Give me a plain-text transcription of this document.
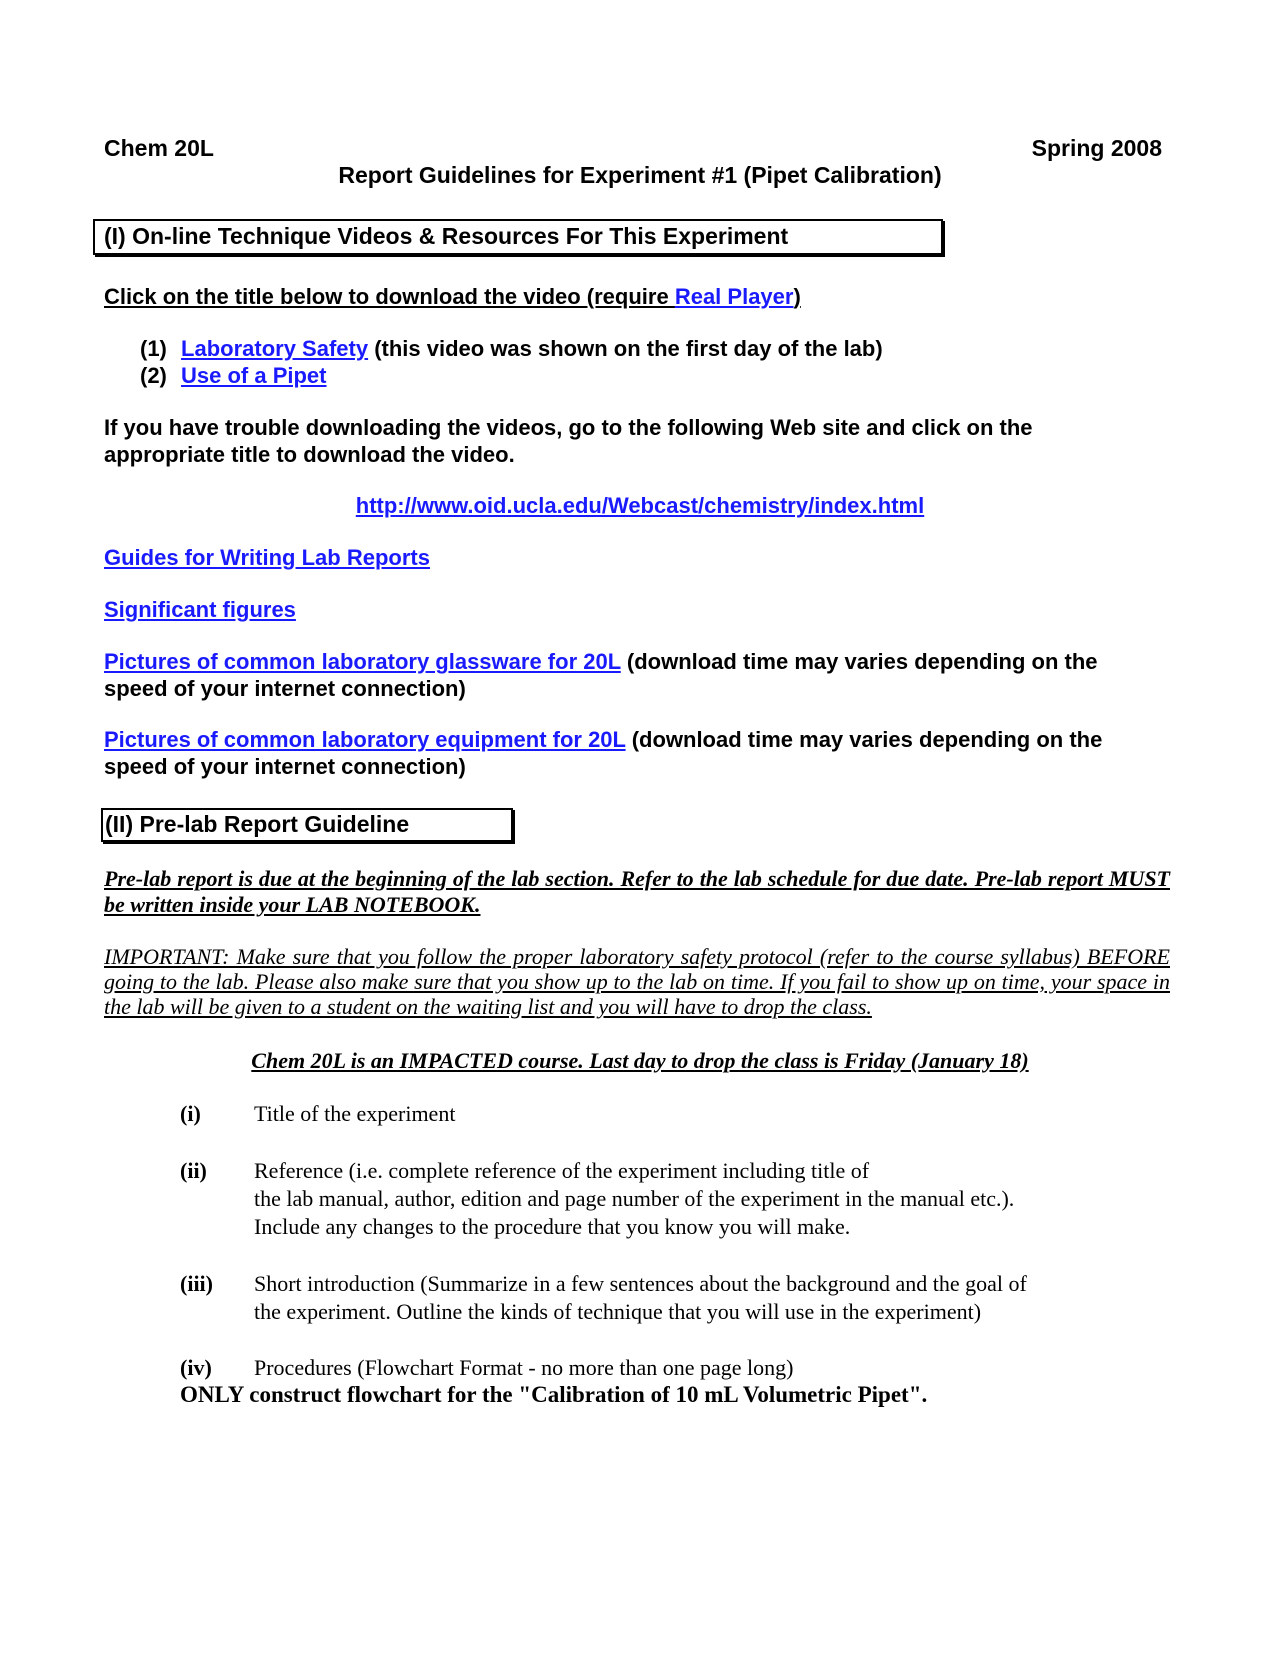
Chem 20L	Spring 2008
Report Guidelines for Experiment #1 (Pipet Calibration)
(I) On-line Technique Videos & Resources For This Experiment
Click on the title below to download the video (require Real Player)
(1) Laboratory Safety (this video was shown on the first day of the lab)
(2) Use of a Pipet
If you have trouble downloading the videos, go to the following Web site and click on the appropriate title to download the video.
http://www.oid.ucla.edu/Webcast/chemistry/index.html
Guides for Writing Lab Reports
Significant figures
Pictures of common laboratory glassware for 20L (download time may varies depending on the speed of your internet connection)
Pictures of common laboratory equipment for 20L (download time may varies depending on the speed of your internet connection)
(II) Pre-lab Report Guideline
Pre-lab report is due at the beginning of the lab section. Refer to the lab schedule for due date. Pre-lab report MUST be written inside your LAB NOTEBOOK.
IMPORTANT: Make sure that you follow the proper laboratory safety protocol (refer to the course syllabus) BEFORE going to the lab. Please also make sure that you show up to the lab on time. If you fail to show up on time, your space in the lab will be given to a student on the waiting list and you will have to drop the class.
Chem 20L is an IMPACTED course. Last day to drop the class is Friday (January 18)
(i) Title of the experiment
(ii) Reference (i.e. complete reference of the experiment including title of
the lab manual, author, edition and page number of the experiment in the manual etc.).
Include any changes to the procedure that you know you will make.
(iii) Short introduction (Summarize in a few sentences about the background and the goal of
the experiment. Outline the kinds of technique that you will use in the experiment)
(iv) Procedures (Flowchart Format - no more than one page long)
ONLY construct flowchart for the "Calibration of 10 mL Volumetric Pipet".
